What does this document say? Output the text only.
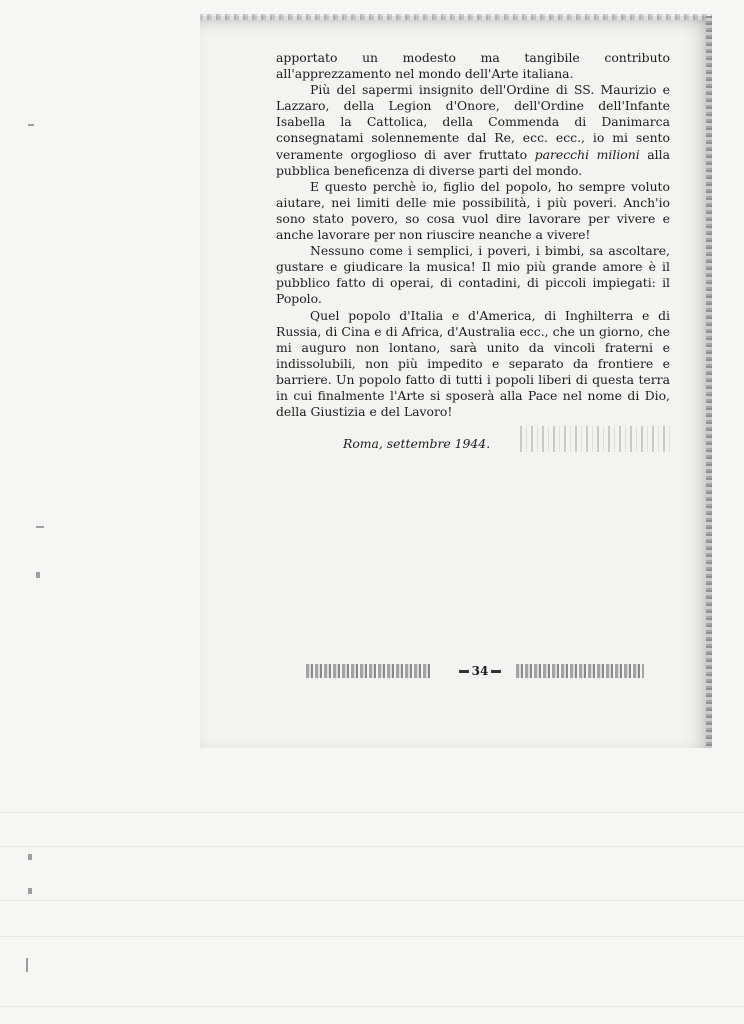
apportato un modesto ma tangibile contributo all'apprezzamento nel mondo dell'Arte italiana.

Più del sapermi insignito dell'Ordine di SS. Maurizio e Lazzaro, della Legion d'Onore, dell'Ordine dell'Infante Isabella la Cattolica, della Commenda di Danimarca consegnatami solennemente dal Re, ecc. ecc., io mi sento veramente orgoglioso di aver fruttato parecchi milioni alla pubblica beneficenza di diverse parti del mondo.

E questo perchè io, figlio del popolo, ho sempre voluto aiutare, nei limiti delle mie possibilità, i più poveri. Anch'io sono stato povero, so cosa vuol dire lavorare per vivere e anche lavorare per non riuscire neanche a vivere!

Nessuno come i semplici, i poveri, i bimbi, sa ascoltare, gustare e giudicare la musica! Il mio più grande amore è il pubblico fatto di operai, di contadini, di piccoli impiegati: il Popolo.

Quel popolo d'Italia e d'America, di Inghilterra e di Russia, di Cina e di Africa, d'Australia ecc., che un giorno, che mi auguro non lontano, sarà unito da vincoli fraterni e indissolubili, non più impedito e separato da frontiere e barriere. Un popolo fatto di tutti i popoli liberi di questa terra in cui finalmente l'Arte si sposerà alla Pace nel nome di Dio, della Giustizia e del Lavoro!

Roma, settembre 1944.
34
